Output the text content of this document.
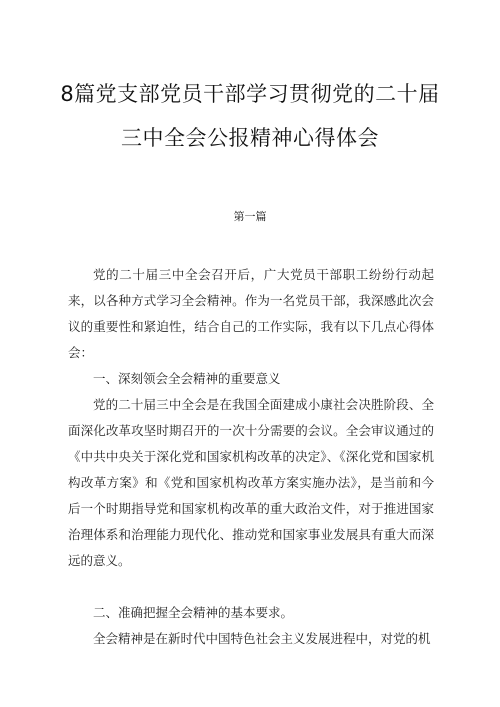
8篇党支部党员干部学习贯彻党的二十届
三中全会公报精神心得体会
第一篇

党的二十届三中全会召开后，广大党员干部职工纷纷行动起来，以各种方式学习全会精神。作为一名党员干部，我深感此次会议的重要性和紧迫性，结合自己的工作实际，我有以下几点心得体会：

一、深刻领会全会精神的重要意义

党的二十届三中全会是在我国全面建成小康社会决胜阶段、全面深化改革攻坚时期召开的一次十分需要的会议。全会审议通过的《中共中央关于深化党和国家机构改革的决定》、《深化党和国家机构改革方案》和《党和国家机构改革方案实施办法》，是当前和今后一个时期指导党和国家机构改革的重大政治文件，对于推进国家治理体系和治理能力现代化、推动党和国家事业发展具有重大而深远的意义。

二、准确把握全会精神的基本要求。

全会精神是在新时代中国特色社会主义发展进程中，对党的机
